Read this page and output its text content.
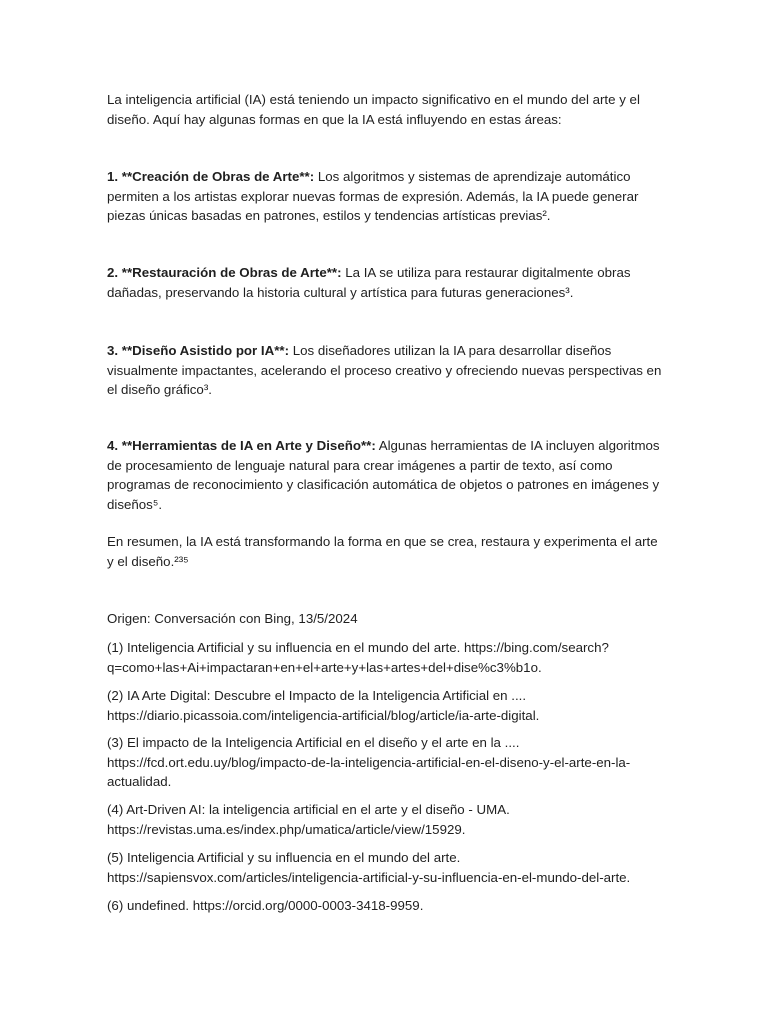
La inteligencia artificial (IA) está teniendo un impacto significativo en el mundo del arte y el diseño. Aquí hay algunas formas en que la IA está influyendo en estas áreas:

1. **Creación de Obras de Arte**: Los algoritmos y sistemas de aprendizaje automático permiten a los artistas explorar nuevas formas de expresión. Además, la IA puede generar piezas únicas basadas en patrones, estilos y tendencias artísticas previas².

2. **Restauración de Obras de Arte**: La IA se utiliza para restaurar digitalmente obras dañadas, preservando la historia cultural y artística para futuras generaciones³.

3. **Diseño Asistido por IA**: Los diseñadores utilizan la IA para desarrollar diseños visualmente impactantes, acelerando el proceso creativo y ofreciendo nuevas perspectivas en el diseño gráfico³.

4. **Herramientas de IA en Arte y Diseño**: Algunas herramientas de IA incluyen algoritmos de procesamiento de lenguaje natural para crear imágenes a partir de texto, así como programas de reconocimiento y clasificación automática de objetos o patrones en imágenes y diseños⁵.

En resumen, la IA está transformando la forma en que se crea, restaura y experimenta el arte y el diseño.²³⁵

Origen: Conversación con Bing, 13/5/2024

(1) Inteligencia Artificial y su influencia en el mundo del arte. https://bing.com/search?q=como+las+Ai+impactaran+en+el+arte+y+las+artes+del+dise%c3%b1o.

(2) IA Arte Digital: Descubre el Impacto de la Inteligencia Artificial en .... https://diario.picassoia.com/inteligencia-artificial/blog/article/ia-arte-digital.

(3) El impacto de la Inteligencia Artificial en el diseño y el arte en la .... https://fcd.ort.edu.uy/blog/impacto-de-la-inteligencia-artificial-en-el-diseno-y-el-arte-en-la-actualidad.

(4) Art-Driven AI: la inteligencia artificial en el arte y el diseño - UMA. https://revistas.uma.es/index.php/umatica/article/view/15929.

(5) Inteligencia Artificial y su influencia en el mundo del arte. https://sapiensvox.com/articles/inteligencia-artificial-y-su-influencia-en-el-mundo-del-arte.

(6) undefined. https://orcid.org/0000-0003-3418-9959.
